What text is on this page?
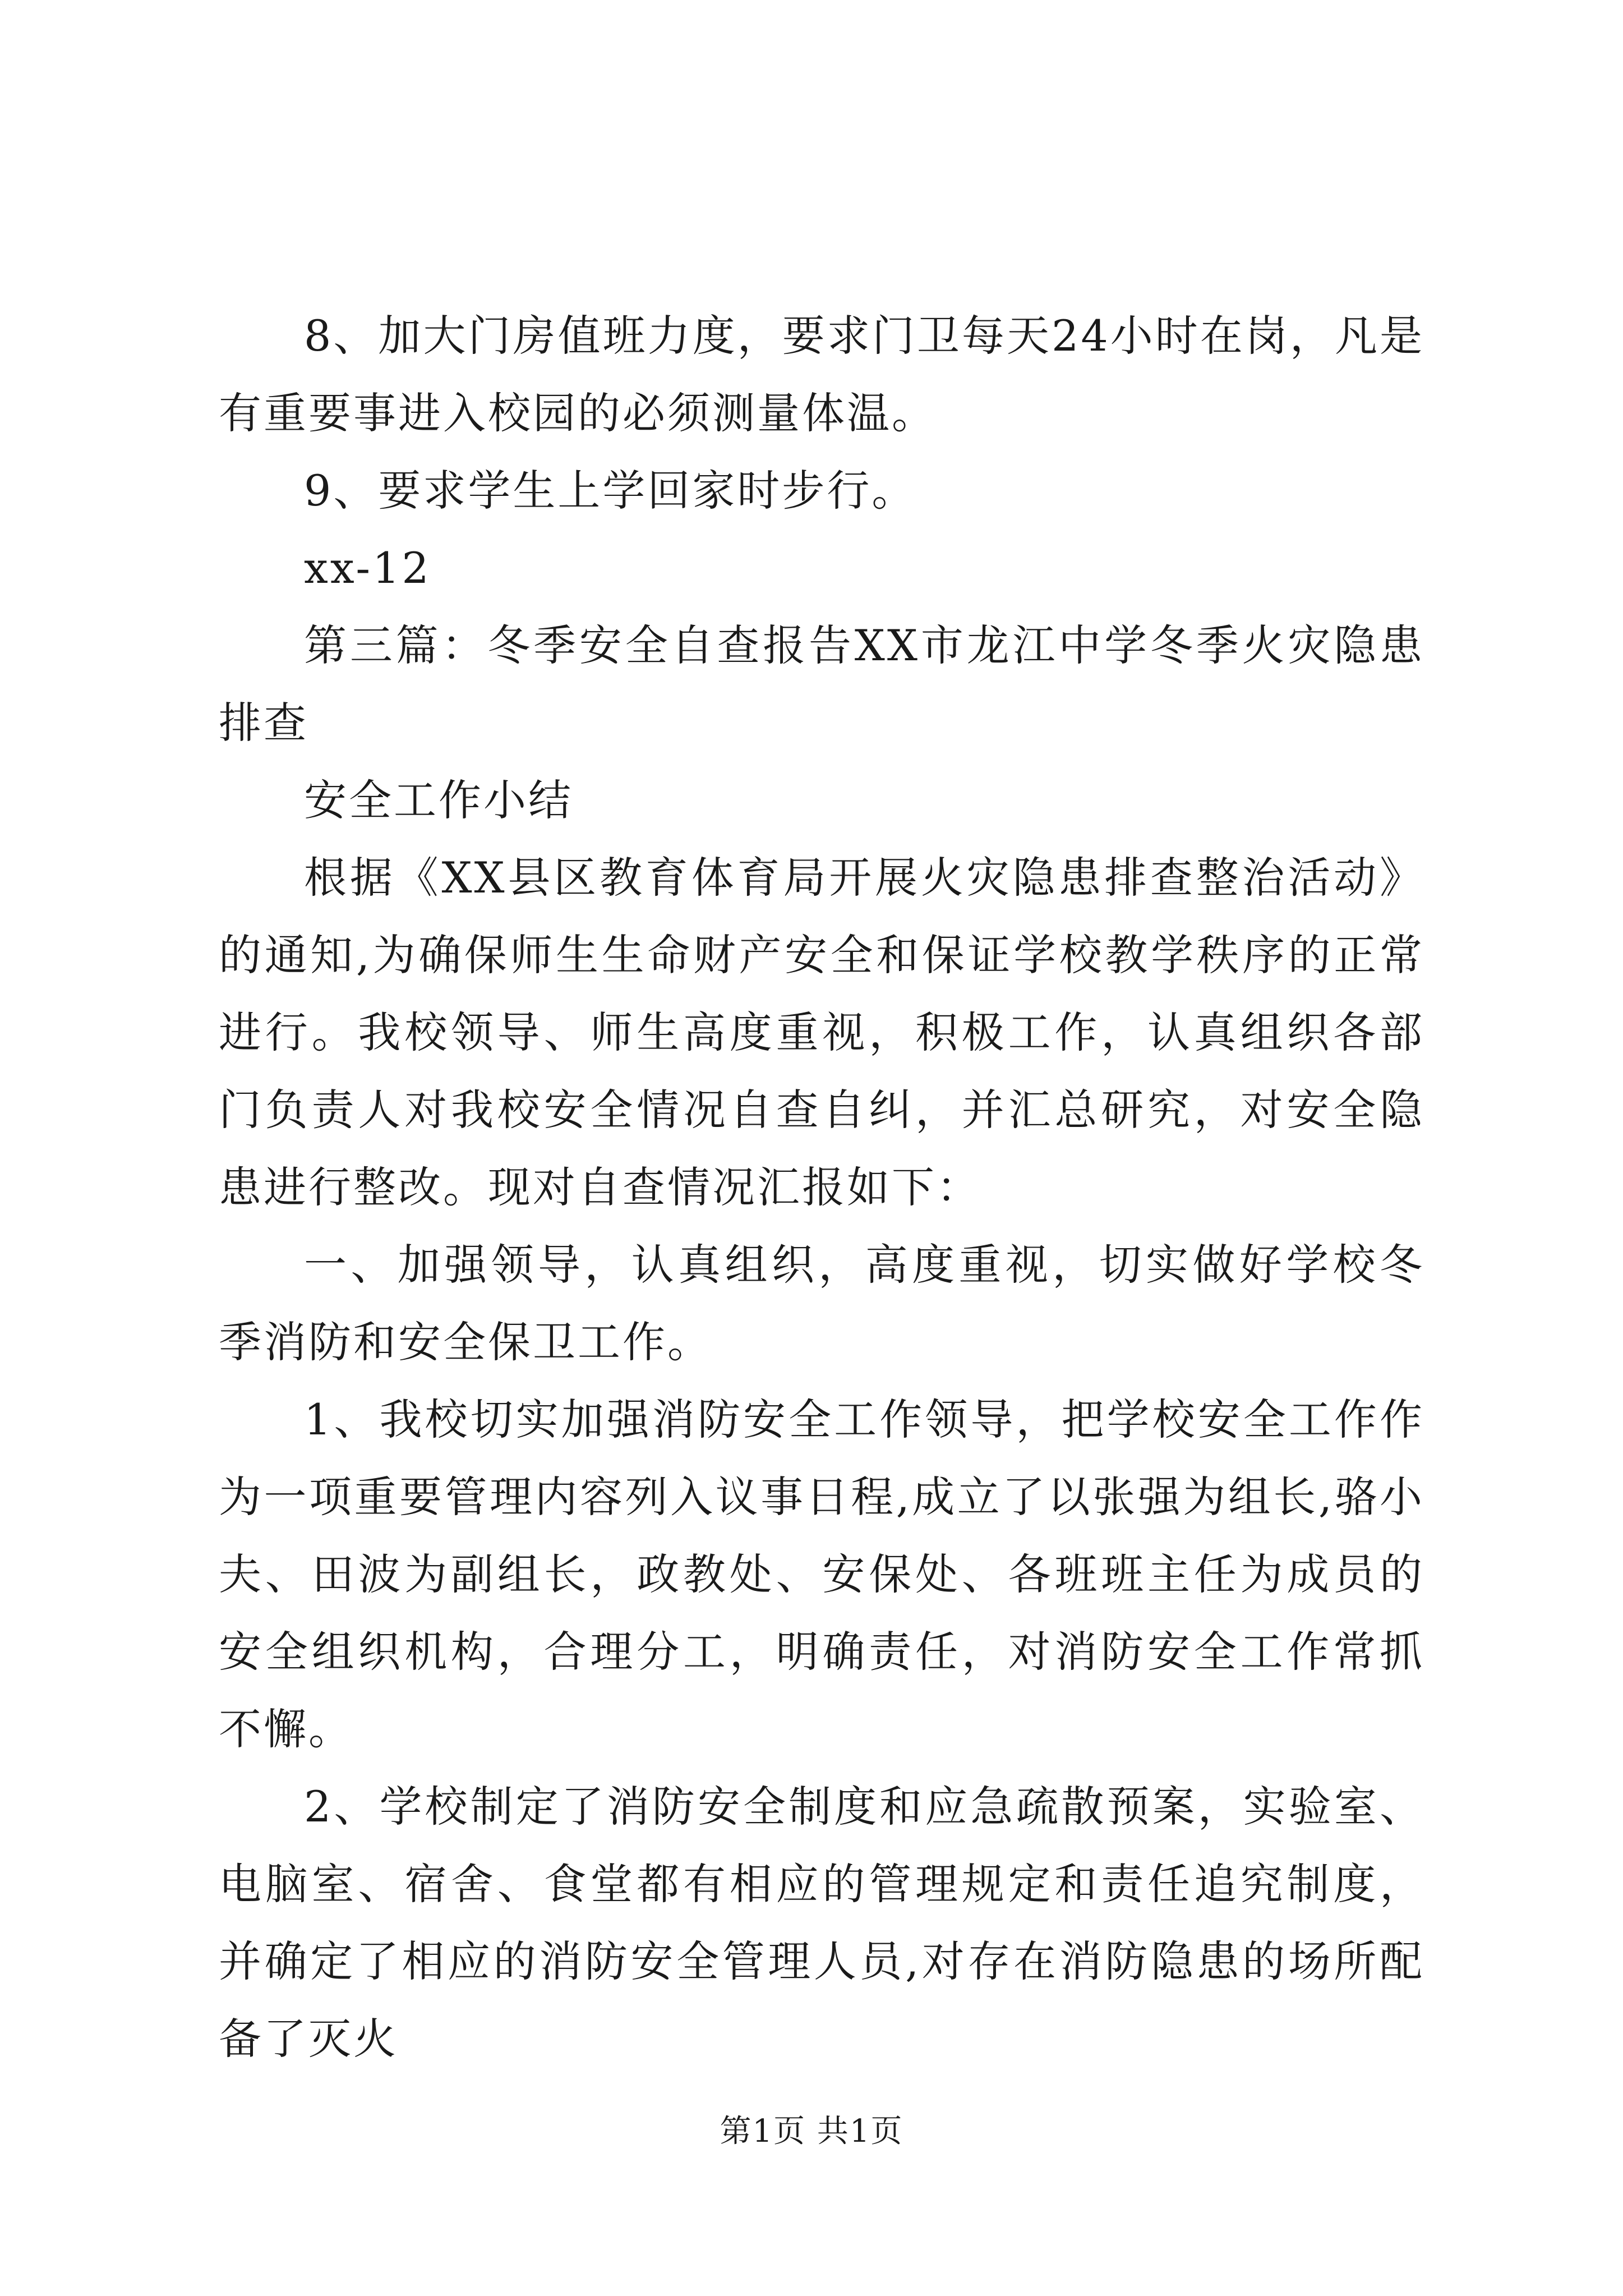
8、加大门房值班力度，要求门卫每天24小时在岗，凡是有重要事进入校园的必须测量体温。

9、要求学生上学回家时步行。

xx-12

第三篇：冬季安全自查报告XX市龙江中学冬季火灾隐患排查

安全工作小结

根据《XX县区教育体育局开展火灾隐患排查整治活动》的通知,为确保师生生命财产安全和保证学校教学秩序的正常进行。我校领导、师生高度重视，积极工作，认真组织各部门负责人对我校安全情况自查自纠，并汇总研究，对安全隐患进行整改。现对自查情况汇报如下：

一、加强领导，认真组织，高度重视，切实做好学校冬季消防和安全保卫工作。

1、我校切实加强消防安全工作领导，把学校安全工作作为一项重要管理内容列入议事日程,成立了以张强为组长,骆小夫、田波为副组长，政教处、安保处、各班班主任为成员的安全组织机构，合理分工，明确责任，对消防安全工作常抓不懈。

2、学校制定了消防安全制度和应急疏散预案，实验室、电脑室、宿舍、食堂都有相应的管理规定和责任追究制度，并确定了相应的消防安全管理人员,对存在消防隐患的场所配备了灭火

第1页 共1页
